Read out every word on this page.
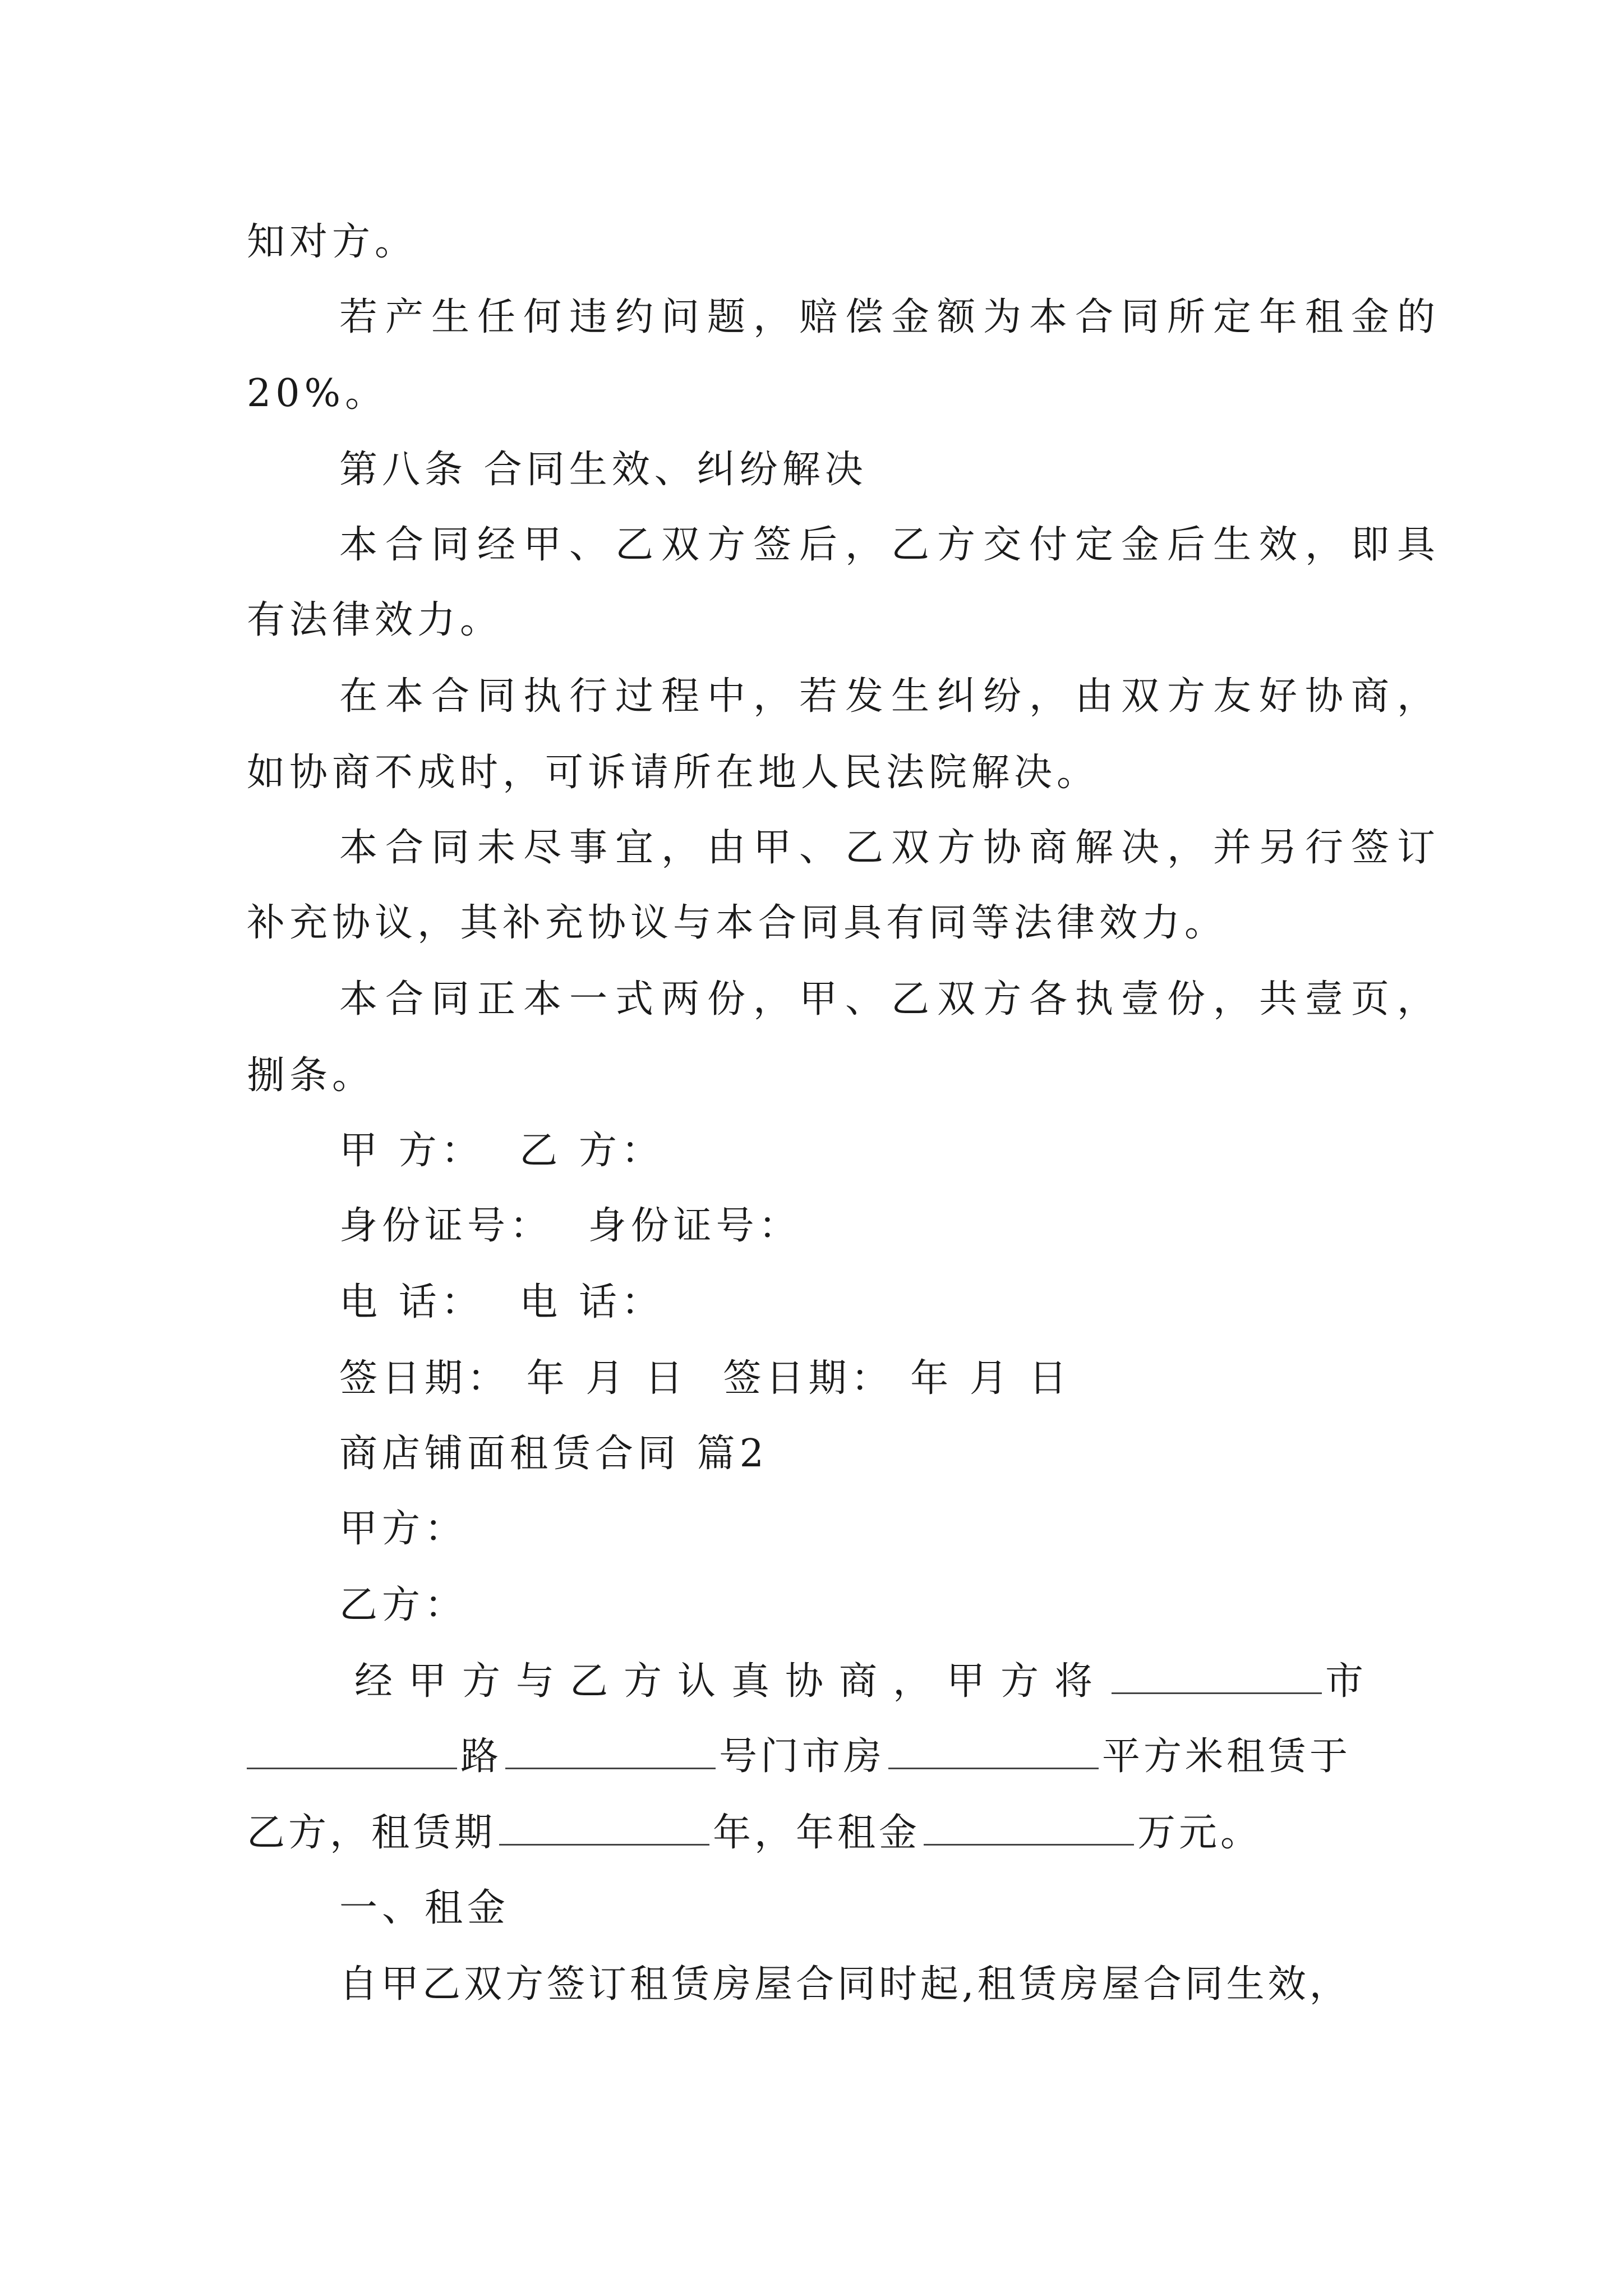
知对方。
若产生任何违约问题，赔偿金额为本合同所定年租金的
20%。
第八条 合同生效、纠纷解决
本合同经甲、乙双方签后，乙方交付定金后生效，即具
有法律效力。
在本合同执行过程中，若发生纠纷，由双方友好协商，
如协商不成时，可诉请所在地人民法院解决。
本合同未尽事宜，由甲、乙双方协商解决，并另行签订
补充协议，其补充协议与本合同具有同等法律效力。
本合同正本一式两份，甲、乙双方各执壹份，共壹页，
捌条。
甲 方： 乙 方：
身份证号： 身份证号：
电 话： 电 话：
签日期： 年 月 日 签日期： 年 月 日
商店铺面租赁合同 篇2
甲方：
乙方：
经甲方与乙方认真协商，甲方将	市
路	号门市房	平方米租赁于
乙方，租赁期	年，年租金	万元。
一、租金
自甲乙双方签订租赁房屋合同时起,租赁房屋合同生效，
